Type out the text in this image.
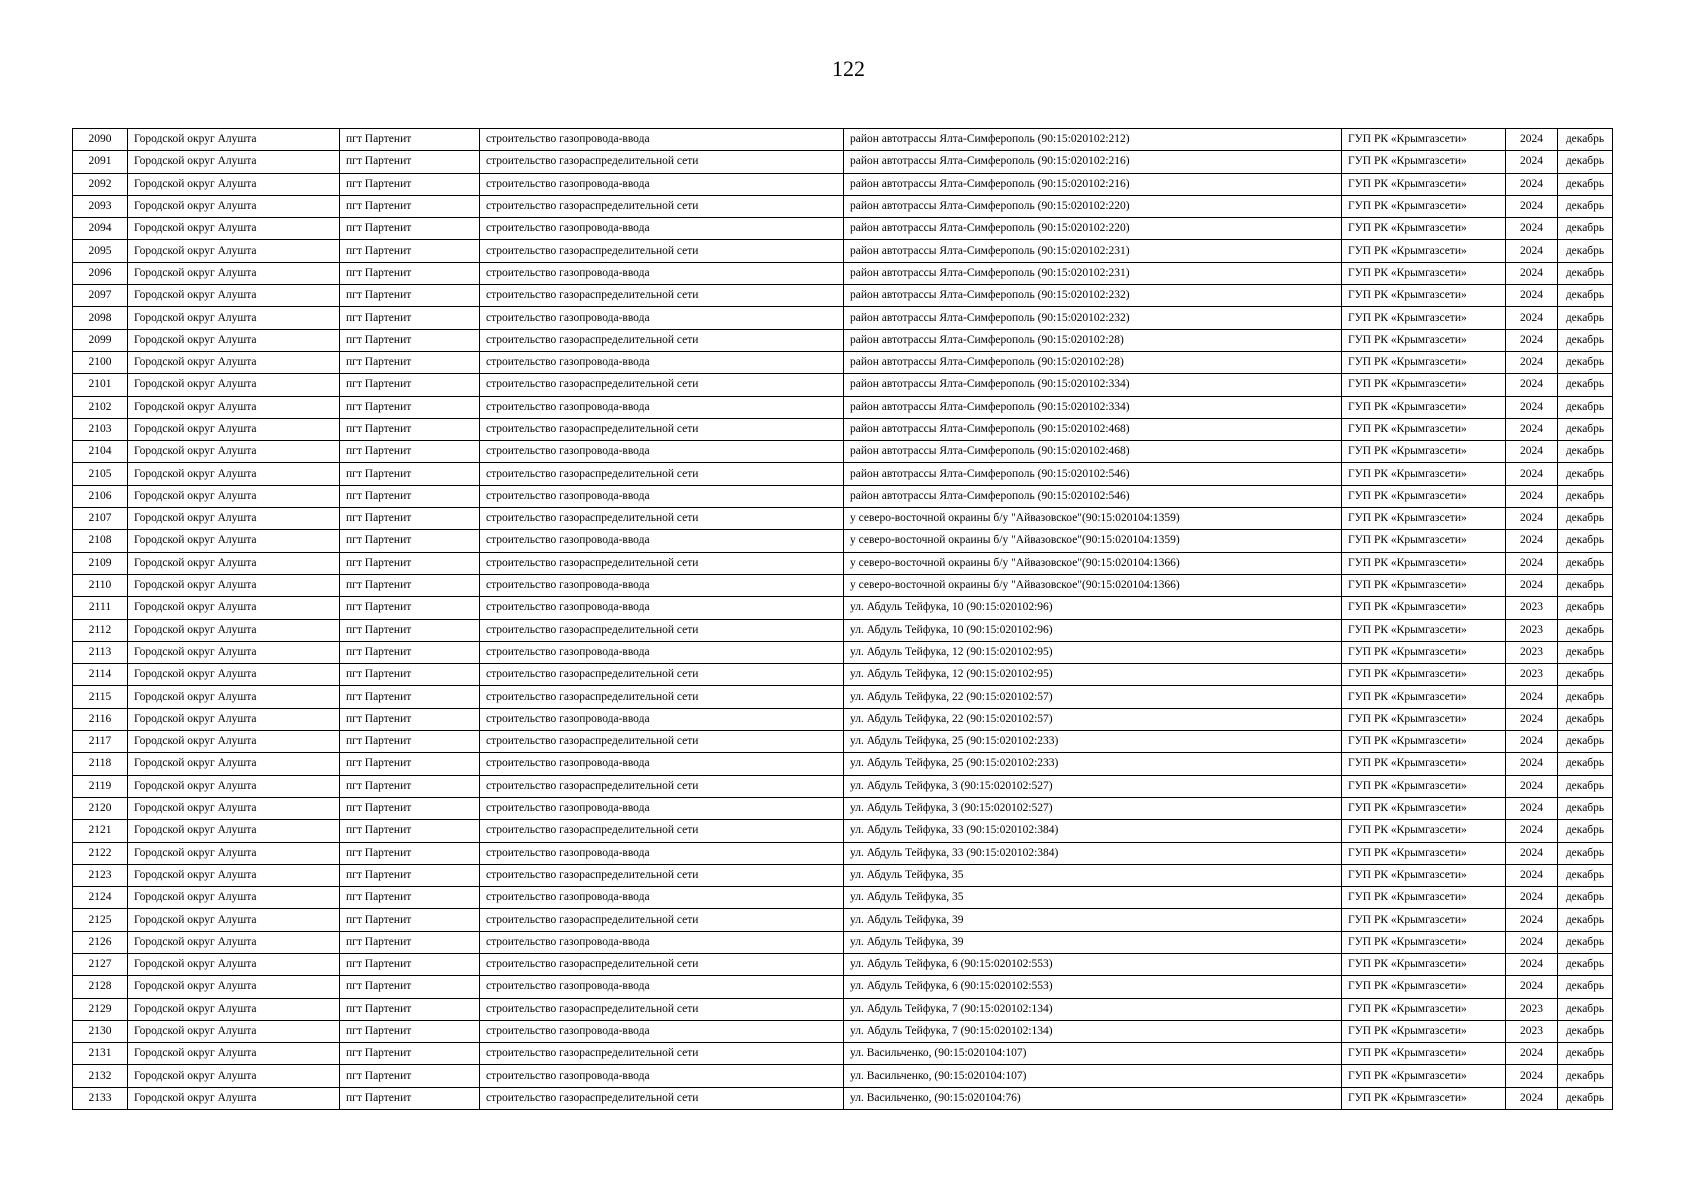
122
2090	Городской округ Алушта	пгт Партенит	строительство газопровода-ввода	район автотрассы Ялта-Симферополь (90:15:020102:212)	ГУП РК «Крымгазсети»	2024	декабрь
2091	Городской округ Алушта	пгт Партенит	строительство газораспределительной сети	район автотрассы Ялта-Симферополь (90:15:020102:216)	ГУП РК «Крымгазсети»	2024	декабрь
2092	Городской округ Алушта	пгт Партенит	строительство газопровода-ввода	район автотрассы Ялта-Симферополь (90:15:020102:216)	ГУП РК «Крымгазсети»	2024	декабрь
2093	Городской округ Алушта	пгт Партенит	строительство газораспределительной сети	район автотрассы Ялта-Симферополь (90:15:020102:220)	ГУП РК «Крымгазсети»	2024	декабрь
2094	Городской округ Алушта	пгт Партенит	строительство газопровода-ввода	район автотрассы Ялта-Симферополь (90:15:020102:220)	ГУП РК «Крымгазсети»	2024	декабрь
2095	Городской округ Алушта	пгт Партенит	строительство газораспределительной сети	район автотрассы Ялта-Симферополь (90:15:020102:231)	ГУП РК «Крымгазсети»	2024	декабрь
2096	Городской округ Алушта	пгт Партенит	строительство газопровода-ввода	район автотрассы Ялта-Симферополь (90:15:020102:231)	ГУП РК «Крымгазсети»	2024	декабрь
2097	Городской округ Алушта	пгт Партенит	строительство газораспределительной сети	район автотрассы Ялта-Симферополь (90:15:020102:232)	ГУП РК «Крымгазсети»	2024	декабрь
2098	Городской округ Алушта	пгт Партенит	строительство газопровода-ввода	район автотрассы Ялта-Симферополь (90:15:020102:232)	ГУП РК «Крымгазсети»	2024	декабрь
2099	Городской округ Алушта	пгт Партенит	строительство газораспределительной сети	район автотрассы Ялта-Симферополь (90:15:020102:28)	ГУП РК «Крымгазсети»	2024	декабрь
2100	Городской округ Алушта	пгт Партенит	строительство газопровода-ввода	район автотрассы Ялта-Симферополь (90:15:020102:28)	ГУП РК «Крымгазсети»	2024	декабрь
2101	Городской округ Алушта	пгт Партенит	строительство газораспределительной сети	район автотрассы Ялта-Симферополь (90:15:020102:334)	ГУП РК «Крымгазсети»	2024	декабрь
2102	Городской округ Алушта	пгт Партенит	строительство газопровода-ввода	район автотрассы Ялта-Симферополь (90:15:020102:334)	ГУП РК «Крымгазсети»	2024	декабрь
2103	Городской округ Алушта	пгт Партенит	строительство газораспределительной сети	район автотрассы Ялта-Симферополь (90:15:020102:468)	ГУП РК «Крымгазсети»	2024	декабрь
2104	Городской округ Алушта	пгт Партенит	строительство газопровода-ввода	район автотрассы Ялта-Симферополь (90:15:020102:468)	ГУП РК «Крымгазсети»	2024	декабрь
2105	Городской округ Алушта	пгт Партенит	строительство газораспределительной сети	район автотрассы Ялта-Симферополь (90:15:020102:546)	ГУП РК «Крымгазсети»	2024	декабрь
2106	Городской округ Алушта	пгт Партенит	строительство газопровода-ввода	район автотрассы Ялта-Симферополь (90:15:020102:546)	ГУП РК «Крымгазсети»	2024	декабрь
2107	Городской округ Алушта	пгт Партенит	строительство газораспределительной сети	у северо-восточной окраины б/у "Айвазовское"(90:15:020104:1359)	ГУП РК «Крымгазсети»	2024	декабрь
2108	Городской округ Алушта	пгт Партенит	строительство газопровода-ввода	у северо-восточной окраины б/у "Айвазовское"(90:15:020104:1359)	ГУП РК «Крымгазсети»	2024	декабрь
2109	Городской округ Алушта	пгт Партенит	строительство газораспределительной сети	у северо-восточной окраины б/у "Айвазовское"(90:15:020104:1366)	ГУП РК «Крымгазсети»	2024	декабрь
2110	Городской округ Алушта	пгт Партенит	строительство газопровода-ввода	у северо-восточной окраины б/у "Айвазовское"(90:15:020104:1366)	ГУП РК «Крымгазсети»	2024	декабрь
2111	Городской округ Алушта	пгт Партенит	строительство газопровода-ввода	ул. Абдуль Тейфука, 10 (90:15:020102:96)	ГУП РК «Крымгазсети»	2023	декабрь
2112	Городской округ Алушта	пгт Партенит	строительство газораспределительной сети	ул. Абдуль Тейфука, 10 (90:15:020102:96)	ГУП РК «Крымгазсети»	2023	декабрь
2113	Городской округ Алушта	пгт Партенит	строительство газопровода-ввода	ул. Абдуль Тейфука, 12 (90:15:020102:95)	ГУП РК «Крымгазсети»	2023	декабрь
2114	Городской округ Алушта	пгт Партенит	строительство газораспределительной сети	ул. Абдуль Тейфука, 12 (90:15:020102:95)	ГУП РК «Крымгазсети»	2023	декабрь
2115	Городской округ Алушта	пгт Партенит	строительство газораспределительной сети	ул. Абдуль Тейфука, 22 (90:15:020102:57)	ГУП РК «Крымгазсети»	2024	декабрь
2116	Городской округ Алушта	пгт Партенит	строительство газопровода-ввода	ул. Абдуль Тейфука, 22 (90:15:020102:57)	ГУП РК «Крымгазсети»	2024	декабрь
2117	Городской округ Алушта	пгт Партенит	строительство газораспределительной сети	ул. Абдуль Тейфука, 25 (90:15:020102:233)	ГУП РК «Крымгазсети»	2024	декабрь
2118	Городской округ Алушта	пгт Партенит	строительство газопровода-ввода	ул. Абдуль Тейфука, 25 (90:15:020102:233)	ГУП РК «Крымгазсети»	2024	декабрь
2119	Городской округ Алушта	пгт Партенит	строительство газораспределительной сети	ул. Абдуль Тейфука, 3 (90:15:020102:527)	ГУП РК «Крымгазсети»	2024	декабрь
2120	Городской округ Алушта	пгт Партенит	строительство газопровода-ввода	ул. Абдуль Тейфука, 3 (90:15:020102:527)	ГУП РК «Крымгазсети»	2024	декабрь
2121	Городской округ Алушта	пгт Партенит	строительство газораспределительной сети	ул. Абдуль Тейфука, 33 (90:15:020102:384)	ГУП РК «Крымгазсети»	2024	декабрь
2122	Городской округ Алушта	пгт Партенит	строительство газопровода-ввода	ул. Абдуль Тейфука, 33 (90:15:020102:384)	ГУП РК «Крымгазсети»	2024	декабрь
2123	Городской округ Алушта	пгт Партенит	строительство газораспределительной сети	ул. Абдуль Тейфука, 35	ГУП РК «Крымгазсети»	2024	декабрь
2124	Городской округ Алушта	пгт Партенит	строительство газопровода-ввода	ул. Абдуль Тейфука, 35	ГУП РК «Крымгазсети»	2024	декабрь
2125	Городской округ Алушта	пгт Партенит	строительство газораспределительной сети	ул. Абдуль Тейфука, 39	ГУП РК «Крымгазсети»	2024	декабрь
2126	Городской округ Алушта	пгт Партенит	строительство газопровода-ввода	ул. Абдуль Тейфука, 39	ГУП РК «Крымгазсети»	2024	декабрь
2127	Городской округ Алушта	пгт Партенит	строительство газораспределительной сети	ул. Абдуль Тейфука, 6 (90:15:020102:553)	ГУП РК «Крымгазсети»	2024	декабрь
2128	Городской округ Алушта	пгт Партенит	строительство газопровода-ввода	ул. Абдуль Тейфука, 6 (90:15:020102:553)	ГУП РК «Крымгазсети»	2024	декабрь
2129	Городской округ Алушта	пгт Партенит	строительство газораспределительной сети	ул. Абдуль Тейфука, 7 (90:15:020102:134)	ГУП РК «Крымгазсети»	2023	декабрь
2130	Городской округ Алушта	пгт Партенит	строительство газопровода-ввода	ул. Абдуль Тейфука, 7 (90:15:020102:134)	ГУП РК «Крымгазсети»	2023	декабрь
2131	Городской округ Алушта	пгт Партенит	строительство газораспределительной сети	ул. Васильченко, (90:15:020104:107)	ГУП РК «Крымгазсети»	2024	декабрь
2132	Городской округ Алушта	пгт Партенит	строительство газопровода-ввода	ул. Васильченко, (90:15:020104:107)	ГУП РК «Крымгазсети»	2024	декабрь
2133	Городской округ Алушта	пгт Партенит	строительство газораспределительной сети	ул. Васильченко, (90:15:020104:76)	ГУП РК «Крымгазсети»	2024	декабрь
